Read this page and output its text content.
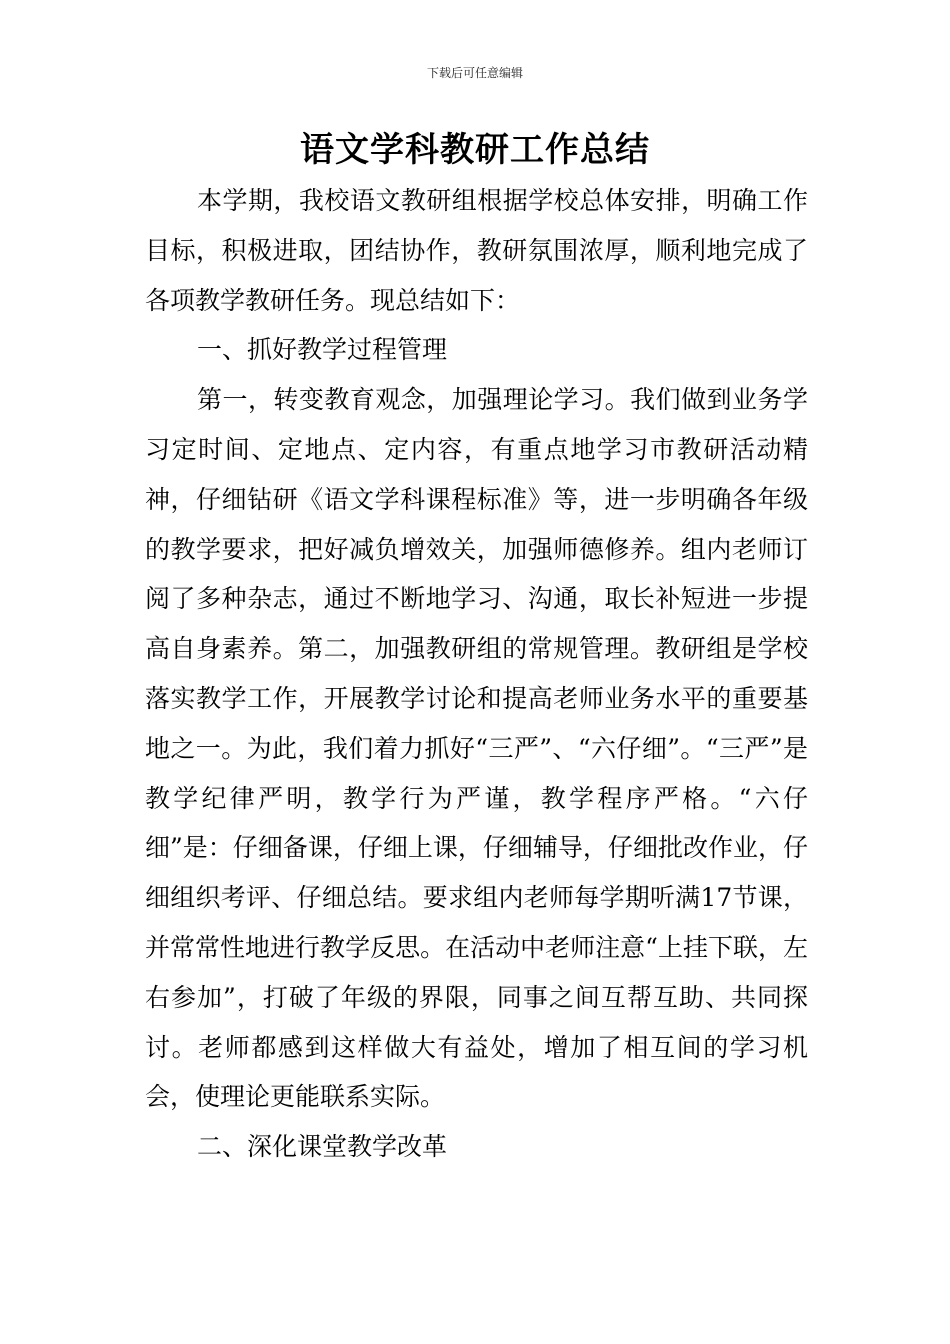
下载后可任意编辑
语文学科教研工作总结

本学期，我校语文教研组根据学校总体安排，明确工作目标，积极进取，团结协作，教研氛围浓厚，顺利地完成了各项教学教研任务。现总结如下：

一、抓好教学过程管理

第一，转变教育观念，加强理论学习。我们做到业务学习定时间、定地点、定内容，有重点地学习市教研活动精神，仔细钻研《语文学科课程标准》等，进一步明确各年级的教学要求，把好减负增效关，加强师德修养。组内老师订阅了多种杂志，通过不断地学习、沟通，取长补短进一步提高自身素养。第二，加强教研组的常规管理。教研组是学校落实教学工作，开展教学讨论和提高老师业务水平的重要基地之一。为此，我们着力抓好“三严”、“六仔细”。“三严”是教学纪律严明，教学行为严谨，教学程序严格。“六仔细”是：仔细备课，仔细上课，仔细辅导，仔细批改作业，仔细组织考评、仔细总结。要求组内老师每学期听满17节课，并常常性地进行教学反思。在活动中老师注意“上挂下联，左右参加”，打破了年级的界限，同事之间互帮互助、共同探讨。老师都感到这样做大有益处，增加了相互间的学习机会，使理论更能联系实际。

二、深化课堂教学改革
